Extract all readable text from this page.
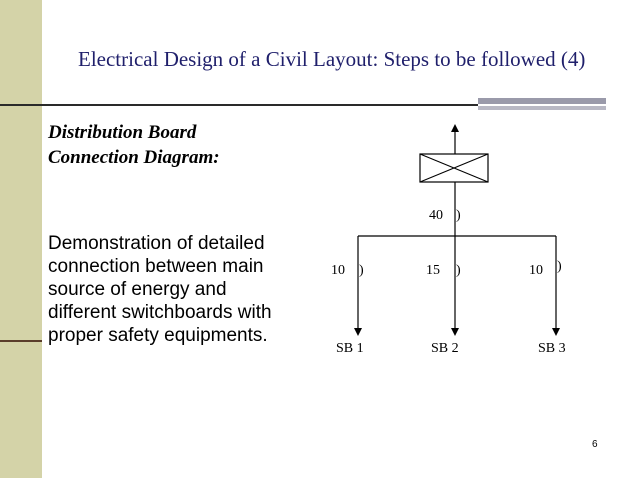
Electrical Design of a Civil Layout: Steps to be followed (4)
Distribution Board
Connection Diagram:
Demonstration of detailed
connection between main
source of energy and
different switchboards with
proper safety equipments.
40 )
10 )
SB 1
15 )
SB 2
10 )
SB 3
6
